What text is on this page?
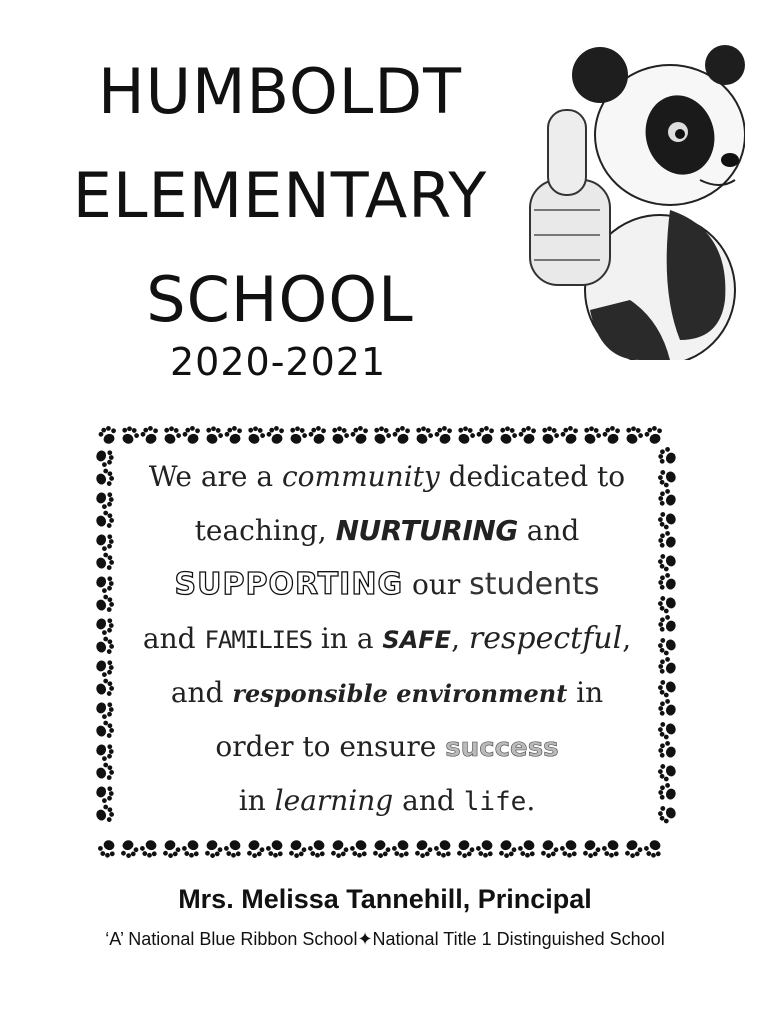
HUMBOLDT
ELEMENTARY
SCHOOL
2020-2021
We are a community dedicated to
teaching, NURTURING and
SUPPORTING our students
and FAMILIES in a SAFE, respectful,
and responsible environment in
order to ensure success
in learning and life.
Mrs. Melissa Tannehill, Principal
‘A’ National Blue Ribbon School✦National Title 1 Distinguished School
